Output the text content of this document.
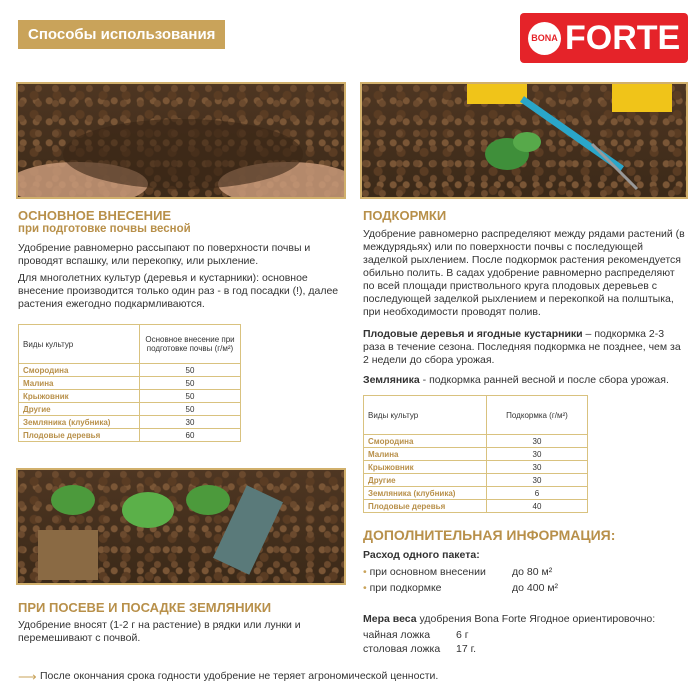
Способы использования	BONA FORTE
ОСНОВНОЕ ВНЕСЕНИЕ
при подготовке почвы весной
Удобрение равномерно рассыпают по поверхности почвы и проводят вспашку, или перекопку, или рыхление.
Для многолетних культур (деревья и кустарники): основное внесение производится только один раз - в год посадки (!), далее растения ежегодно подкармливаются.
Виды культур	Основное внесение при подготовке почвы (г/м²)
Смородина	50
Малина	50
Крыжовник	50
Другие	50
Земляника (клубника)	30
Плодовые деревья	60
ПРИ ПОСЕВЕ И ПОСАДКЕ ЗЕМЛЯНИКИ
Удобрение вносят (1-2 г на растение) в рядки или лунки и перемешивают с почвой.
ПОДКОРМКИ
Удобрение равномерно распределяют между рядами растений (в междурядьях) или по поверхности почвы с последующей заделкой рыхлением. После подкормок растения рекомендуется обильно полить. В садах удобрение равномерно распределяют по всей площади приствольного круга плодовых деревьев с последующей заделкой рыхлением и перекопкой на полштыка, при необходимости проводят полив.
Плодовые деревья и ягодные кустарники – подкормка 2-3 раза в течение сезона. Последняя подкормка не позднее, чем за 2 недели до сбора урожая.
Земляника - подкормка ранней весной и после сбора урожая.
Виды культур	Подкормка (г/м²)
Смородина	30
Малина	30
Крыжовник	30
Другие	30
Земляника (клубника)	6
Плодовые деревья	40
ДОПОЛНИТЕЛЬНАЯ ИНФОРМАЦИЯ:
Расход одного пакета:
• при основном внесении до 80 м²
• при подкормке	до 400 м²
Мера веса удобрения Bona Forte Ягодное ориентировочно:
чайная ложка 6 г
столовая ложка 17 г.
⟶ После окончания срока годности удобрение не теряет агрономической ценности.
